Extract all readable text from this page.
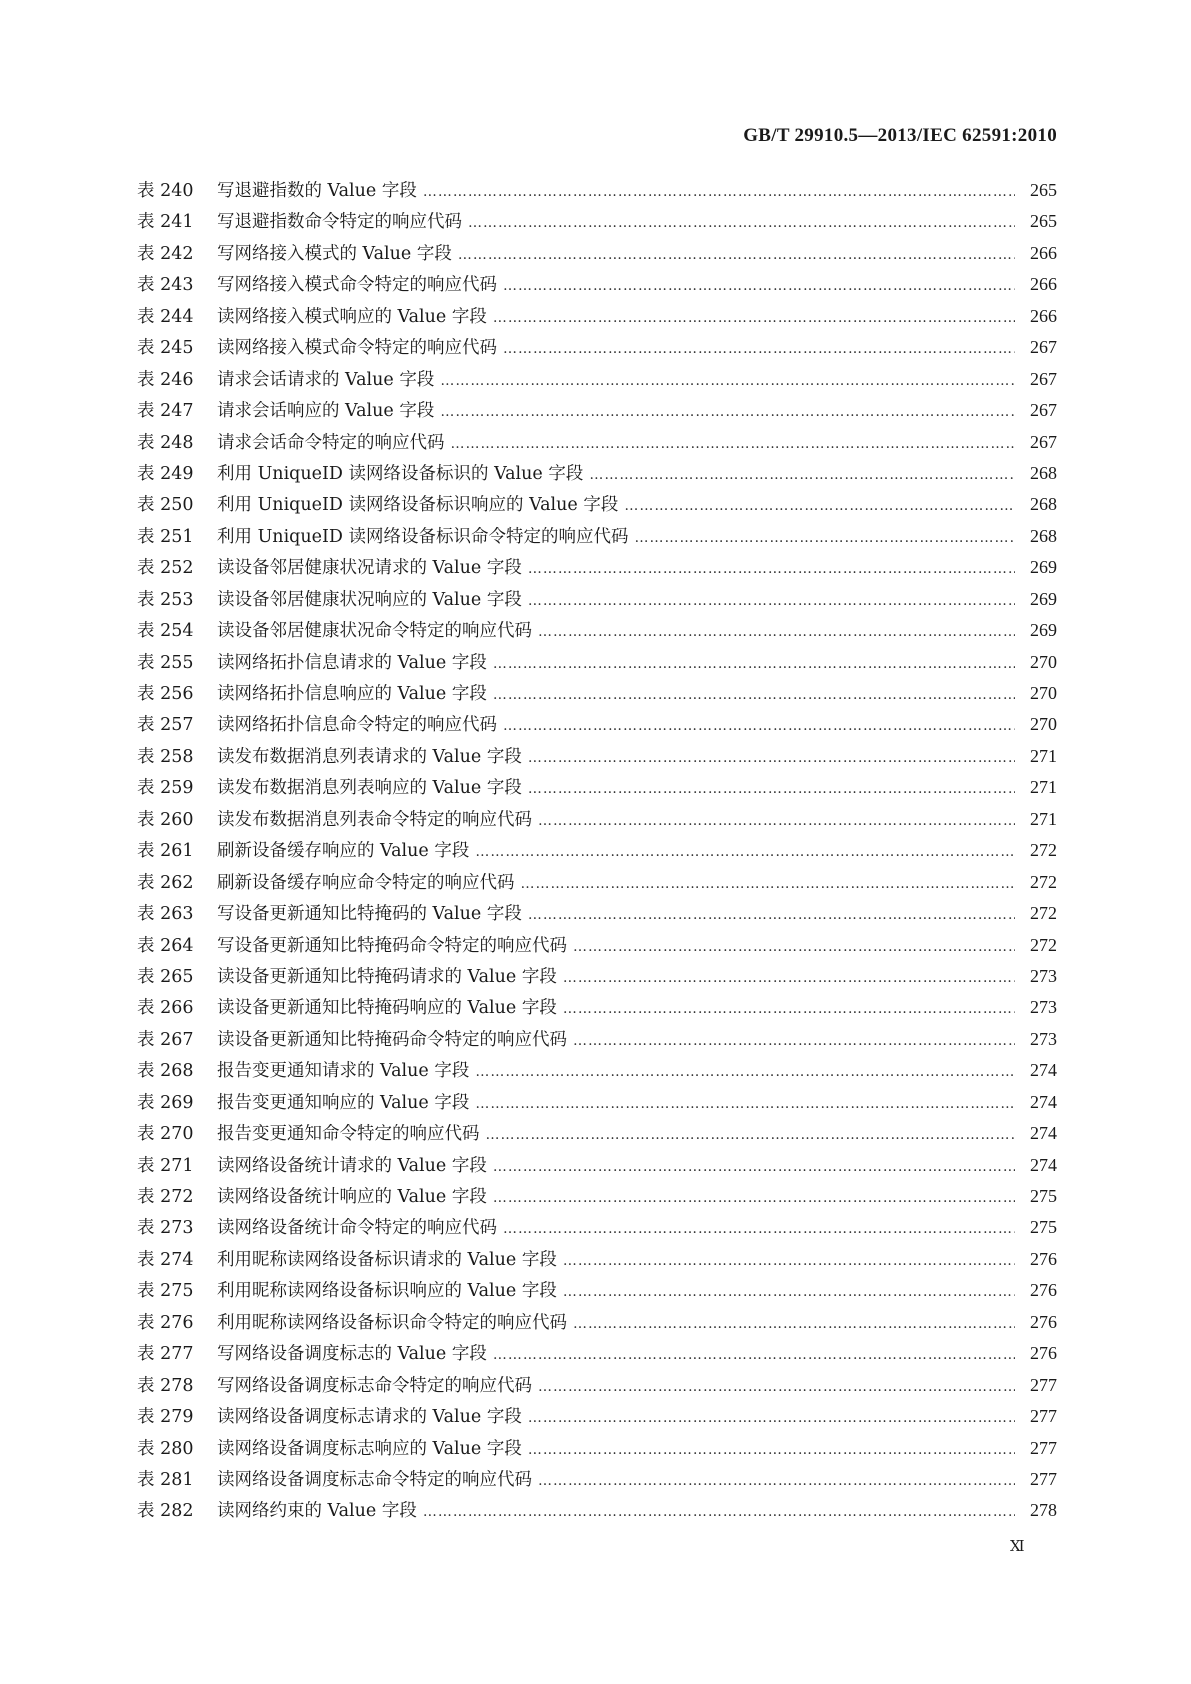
GB/T 29910.5—2013/IEC 62591:2010
表 240	写退避指数的 Value 字段 ……………………………………………………………………………………………………………………………………………………………………………………………………………………………	265
表 241	写退避指数命令特定的响应代码 ……………………………………………………………………………………………………………………………………………………………………………………………………………………………	265
表 242	写网络接入模式的 Value 字段 ……………………………………………………………………………………………………………………………………………………………………………………………………………………………	266
表 243	写网络接入模式命令特定的响应代码 ……………………………………………………………………………………………………………………………………………………………………………………………………………………………	266
表 244	读网络接入模式响应的 Value 字段 ……………………………………………………………………………………………………………………………………………………………………………………………………………………………	266
表 245	读网络接入模式命令特定的响应代码 ……………………………………………………………………………………………………………………………………………………………………………………………………………………………	267
表 246	请求会话请求的 Value 字段 ……………………………………………………………………………………………………………………………………………………………………………………………………………………………	267
表 247	请求会话响应的 Value 字段 ……………………………………………………………………………………………………………………………………………………………………………………………………………………………	267
表 248	请求会话命令特定的响应代码 ……………………………………………………………………………………………………………………………………………………………………………………………………………………………	267
表 249	利用 UniqueID 读网络设备标识的 Value 字段 ……………………………………………………………………………………………………………………………………………………………………………………………………………………………	268
表 250	利用 UniqueID 读网络设备标识响应的 Value 字段 ……………………………………………………………………………………………………………………………………………………………………………………………………………………………	268
表 251	利用 UniqueID 读网络设备标识命令特定的响应代码 ……………………………………………………………………………………………………………………………………………………………………………………………………………………………	268
表 252	读设备邻居健康状况请求的 Value 字段 ……………………………………………………………………………………………………………………………………………………………………………………………………………………………	269
表 253	读设备邻居健康状况响应的 Value 字段 ……………………………………………………………………………………………………………………………………………………………………………………………………………………………	269
表 254	读设备邻居健康状况命令特定的响应代码 ……………………………………………………………………………………………………………………………………………………………………………………………………………………………	269
表 255	读网络拓扑信息请求的 Value 字段 ……………………………………………………………………………………………………………………………………………………………………………………………………………………………	270
表 256	读网络拓扑信息响应的 Value 字段 ……………………………………………………………………………………………………………………………………………………………………………………………………………………………	270
表 257	读网络拓扑信息命令特定的响应代码 ……………………………………………………………………………………………………………………………………………………………………………………………………………………………	270
表 258	读发布数据消息列表请求的 Value 字段 ……………………………………………………………………………………………………………………………………………………………………………………………………………………………	271
表 259	读发布数据消息列表响应的 Value 字段 ……………………………………………………………………………………………………………………………………………………………………………………………………………………………	271
表 260	读发布数据消息列表命令特定的响应代码 ……………………………………………………………………………………………………………………………………………………………………………………………………………………………	271
表 261	刷新设备缓存响应的 Value 字段 ……………………………………………………………………………………………………………………………………………………………………………………………………………………………	272
表 262	刷新设备缓存响应命令特定的响应代码 ……………………………………………………………………………………………………………………………………………………………………………………………………………………………	272
表 263	写设备更新通知比特掩码的 Value 字段 ……………………………………………………………………………………………………………………………………………………………………………………………………………………………	272
表 264	写设备更新通知比特掩码命令特定的响应代码 ……………………………………………………………………………………………………………………………………………………………………………………………………………………………	272
表 265	读设备更新通知比特掩码请求的 Value 字段 ……………………………………………………………………………………………………………………………………………………………………………………………………………………………	273
表 266	读设备更新通知比特掩码响应的 Value 字段 ……………………………………………………………………………………………………………………………………………………………………………………………………………………………	273
表 267	读设备更新通知比特掩码命令特定的响应代码 ……………………………………………………………………………………………………………………………………………………………………………………………………………………………	273
表 268	报告变更通知请求的 Value 字段 ……………………………………………………………………………………………………………………………………………………………………………………………………………………………	274
表 269	报告变更通知响应的 Value 字段 ……………………………………………………………………………………………………………………………………………………………………………………………………………………………	274
表 270	报告变更通知命令特定的响应代码 ……………………………………………………………………………………………………………………………………………………………………………………………………………………………	274
表 271	读网络设备统计请求的 Value 字段 ……………………………………………………………………………………………………………………………………………………………………………………………………………………………	274
表 272	读网络设备统计响应的 Value 字段 ……………………………………………………………………………………………………………………………………………………………………………………………………………………………	275
表 273	读网络设备统计命令特定的响应代码 ……………………………………………………………………………………………………………………………………………………………………………………………………………………………	275
表 274	利用昵称读网络设备标识请求的 Value 字段 ……………………………………………………………………………………………………………………………………………………………………………………………………………………………	276
表 275	利用昵称读网络设备标识响应的 Value 字段 ……………………………………………………………………………………………………………………………………………………………………………………………………………………………	276
表 276	利用昵称读网络设备标识命令特定的响应代码 ……………………………………………………………………………………………………………………………………………………………………………………………………………………………	276
表 277	写网络设备调度标志的 Value 字段 ……………………………………………………………………………………………………………………………………………………………………………………………………………………………	276
表 278	写网络设备调度标志命令特定的响应代码 ……………………………………………………………………………………………………………………………………………………………………………………………………………………………	277
表 279	读网络设备调度标志请求的 Value 字段 ……………………………………………………………………………………………………………………………………………………………………………………………………………………………	277
表 280	读网络设备调度标志响应的 Value 字段 ……………………………………………………………………………………………………………………………………………………………………………………………………………………………	277
表 281	读网络设备调度标志命令特定的响应代码 ……………………………………………………………………………………………………………………………………………………………………………………………………………………………	277
表 282	读网络约束的 Value 字段 ……………………………………………………………………………………………………………………………………………………………………………………………………………………………	278
Ⅺ
